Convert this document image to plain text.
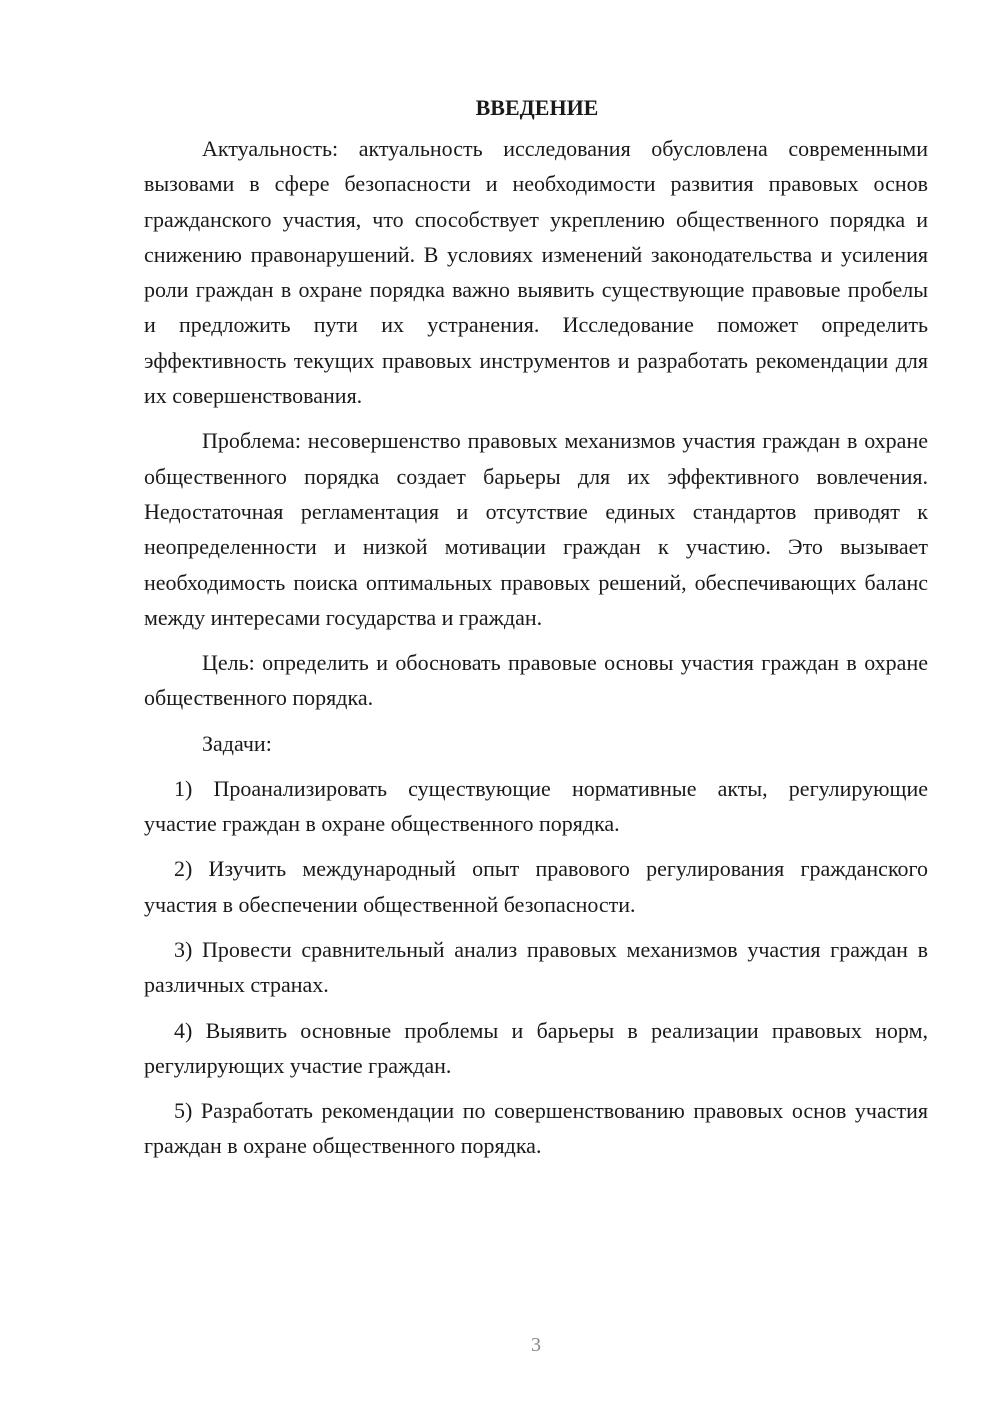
ВВЕДЕНИЕ

Актуальность: актуальность исследования обусловлена современными вызовами в сфере безопасности и необходимости развития правовых основ гражданского участия, что способствует укреплению общественного порядка и снижению правонарушений. В условиях изменений законодательства и усиления роли граждан в охране порядка важно выявить существующие правовые пробелы и предложить пути их устранения. Исследование поможет определить эффективность текущих правовых инструментов и разработать рекомендации для их совершенствования.

Проблема: несовершенство правовых механизмов участия граждан в охране общественного порядка создает барьеры для их эффективного вовлечения. Недостаточная регламентация и отсутствие единых стандартов приводят к неопределенности и низкой мотивации граждан к участию. Это вызывает необходимость поиска оптимальных правовых решений, обеспечивающих баланс между интересами государства и граждан.

Цель: определить и обосновать правовые основы участия граждан в охране общественного порядка.

Задачи:

1) Проанализировать существующие нормативные акты, регулирующие участие граждан в охране общественного порядка.

2) Изучить международный опыт правового регулирования гражданского участия в обеспечении общественной безопасности.

3) Провести сравнительный анализ правовых механизмов участия граждан в различных странах.

4) Выявить основные проблемы и барьеры в реализации правовых норм, регулирующих участие граждан.

5) Разработать рекомендации по совершенствованию правовых основ участия граждан в охране общественного порядка.

3
